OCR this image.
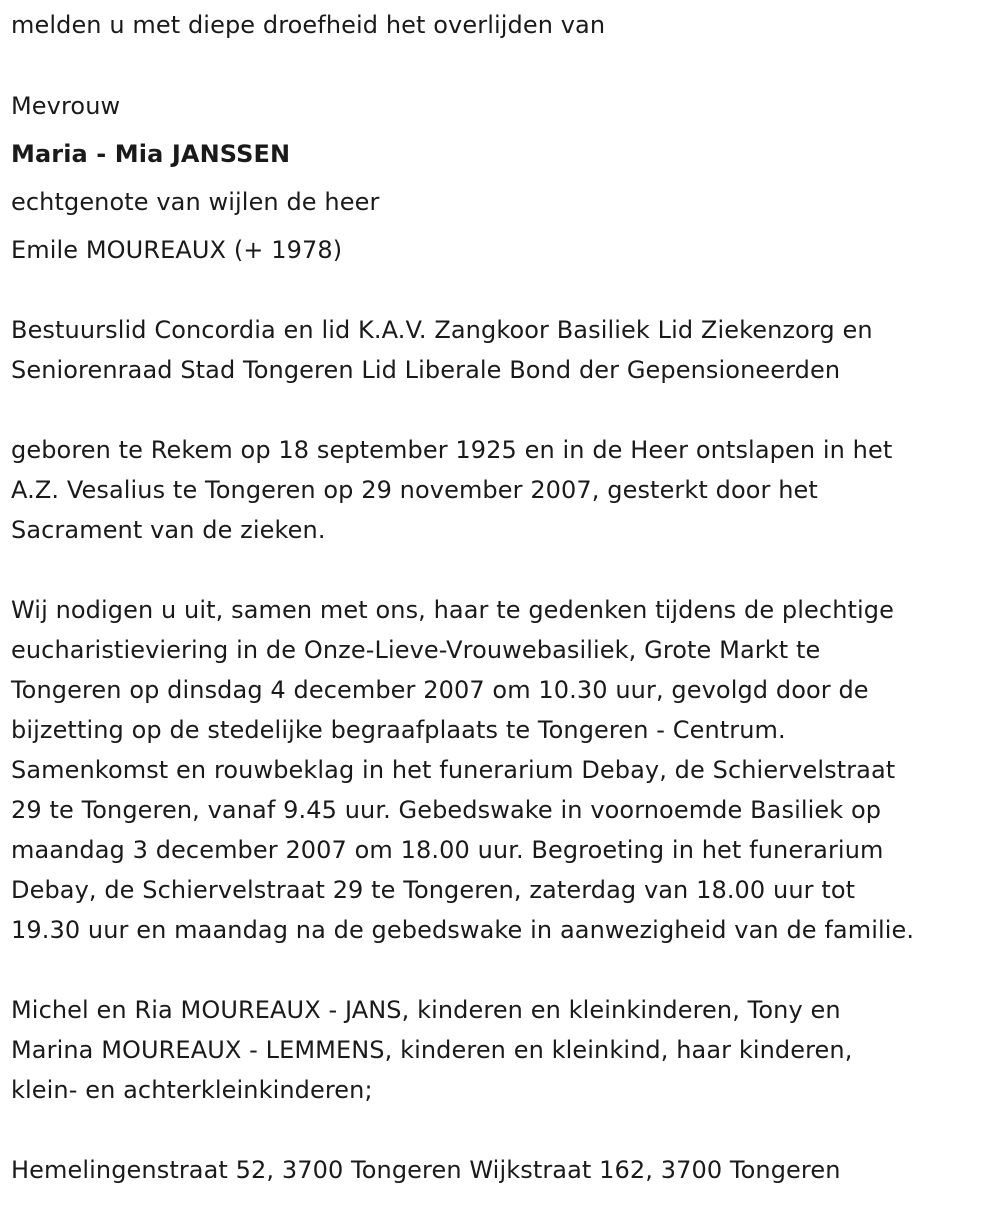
melden u met diepe droefheid het overlijden van

Mevrouw

Maria - Mia JANSSEN

echtgenote van wijlen de heer

Emile MOUREAUX (+ 1978)

Bestuurslid Concordia en lid K.A.V. Zangkoor Basiliek Lid Ziekenzorg en
Seniorenraad Stad Tongeren Lid Liberale Bond der Gepensioneerden
geboren te Rekem op 18 september 1925 en in de Heer ontslapen in het
A.Z. Vesalius te Tongeren op 29 november 2007, gesterkt door het
Sacrament van de zieken.
Wij nodigen u uit, samen met ons, haar te gedenken tijdens de plechtige
eucharistieviering in de Onze-Lieve-Vrouwebasiliek, Grote Markt te
Tongeren op dinsdag 4 december 2007 om 10.30 uur, gevolgd door de
bijzetting op de stedelijke begraafplaats te Tongeren - Centrum.
Samenkomst en rouwbeklag in het funerarium Debay, de Schiervelstraat
29 te Tongeren, vanaf 9.45 uur. Gebedswake in voornoemde Basiliek op
maandag 3 december 2007 om 18.00 uur. Begroeting in het funerarium
Debay, de Schiervelstraat 29 te Tongeren, zaterdag van 18.00 uur tot
19.30 uur en maandag na de gebedswake in aanwezigheid van de familie.
Michel en Ria MOUREAUX - JANS, kinderen en kleinkinderen, Tony en
Marina MOUREAUX - LEMMENS, kinderen en kleinkind, haar kinderen,
klein- en achterkleinkinderen;

Hemelingenstraat 52, 3700 Tongeren Wijkstraat 162, 3700 Tongeren
